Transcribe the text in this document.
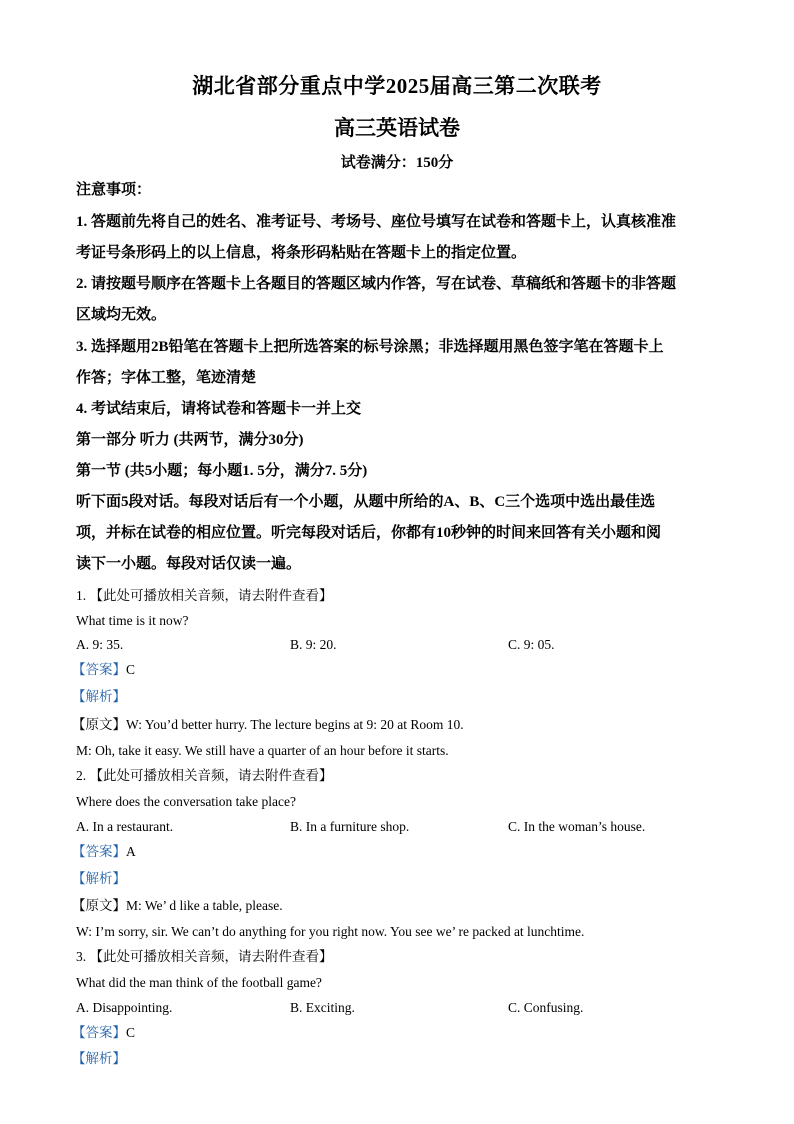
湖北省部分重点中学2025届高三第二次联考
高三英语试卷
试卷满分：150分
注意事项：
1. 答题前先将自己的姓名、准考证号、考场号、座位号填写在试卷和答题卡上，认真核准准
考证号条形码上的以上信息，将条形码粘贴在答题卡上的指定位置。
2. 请按题号顺序在答题卡上各题目的答题区域内作答，写在试卷、草稿纸和答题卡的非答题
区域均无效。
3. 选择题用2B铅笔在答题卡上把所选答案的标号涂黑；非选择题用黑色签字笔在答题卡上
作答；字体工整，笔迹清楚
4. 考试结束后，请将试卷和答题卡一并上交
第一部分 听力 (共两节，满分30分)
第一节 (共5小题；每小题1. 5分，满分7. 5分)
听下面5段对话。每段对话后有一个小题，从题中所给的A、B、C三个选项中选出最佳选
项，并标在试卷的相应位置。听完每段对话后，你都有10秒钟的时间来回答有关小题和阅
读下一小题。每段对话仅读一遍。
1. 【此处可播放相关音频，请去附件查看】
What time is it now?
A. 9: 35.	B. 9: 20.	C. 9: 05.
【答案】C
【解析】
【原文】W: You’d better hurry. The lecture begins at 9: 20 at Room 10.
M: Oh, take it easy. We still have a quarter of an hour before it starts.
2. 【此处可播放相关音频，请去附件查看】
Where does the conversation take place?
A. In a restaurant.	B. In a furniture shop.	C. In the woman’s house.
【答案】A
【解析】
【原文】M: We’ d like a table, please.
W: I’m sorry, sir. We can’t do anything for you right now. You see we’ re packed at lunchtime.
3. 【此处可播放相关音频，请去附件查看】
What did the man think of the football game?
A. Disappointing.	B. Exciting.	C. Confusing.
【答案】C
【解析】
